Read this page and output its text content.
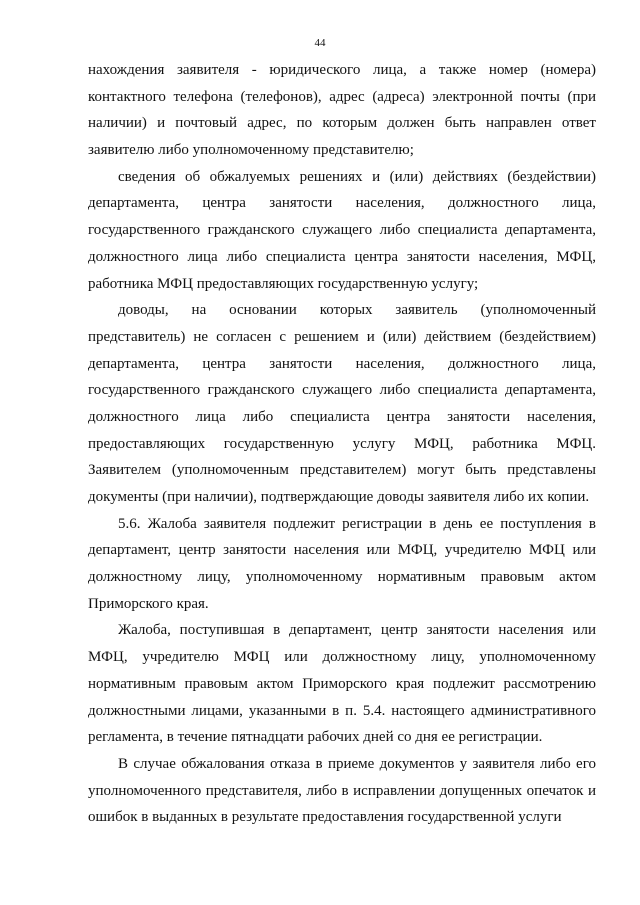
44
нахождения заявителя - юридического лица, а также номер (номера)
контактного телефона (телефонов), адрес (адреса) электронной почты (при
наличии) и почтовый адрес, по которым должен быть направлен ответ
заявителю либо уполномоченному представителю;
сведения об обжалуемых решениях и (или) действиях (бездействии)
департамента, центра занятости населения, должностного лица,
государственного гражданского служащего либо специалиста департамента,
должностного лица либо специалиста центра занятости населения, МФЦ,
работника МФЦ предоставляющих государственную услугу;
доводы, на основании которых заявитель (уполномоченный
представитель) не согласен с решением и (или) действием (бездействием)
департамента, центра занятости населения, должностного лица,
государственного гражданского служащего либо специалиста департамента,
должностного лица либо специалиста центра занятости населения,
предоставляющих государственную услугу МФЦ, работника МФЦ.
Заявителем (уполномоченным представителем) могут быть представлены
документы (при наличии), подтверждающие доводы заявителя либо их копии.
5.6. Жалоба заявителя подлежит регистрации в день ее поступления в
департамент, центр занятости населения или МФЦ, учредителю МФЦ или
должностному лицу, уполномоченному нормативным правовым актом
Приморского края.
Жалоба, поступившая в департамент, центр занятости населения или
МФЦ, учредителю МФЦ или должностному лицу, уполномоченному
нормативным правовым актом Приморского края подлежит рассмотрению
должностными лицами, указанными в п. 5.4. настоящего административного
регламента, в течение пятнадцати рабочих дней со дня ее регистрации.
В случае обжалования отказа в приеме документов у заявителя либо его
уполномоченного представителя, либо в исправлении допущенных опечаток и
ошибок в выданных в результате предоставления государственной услуги
